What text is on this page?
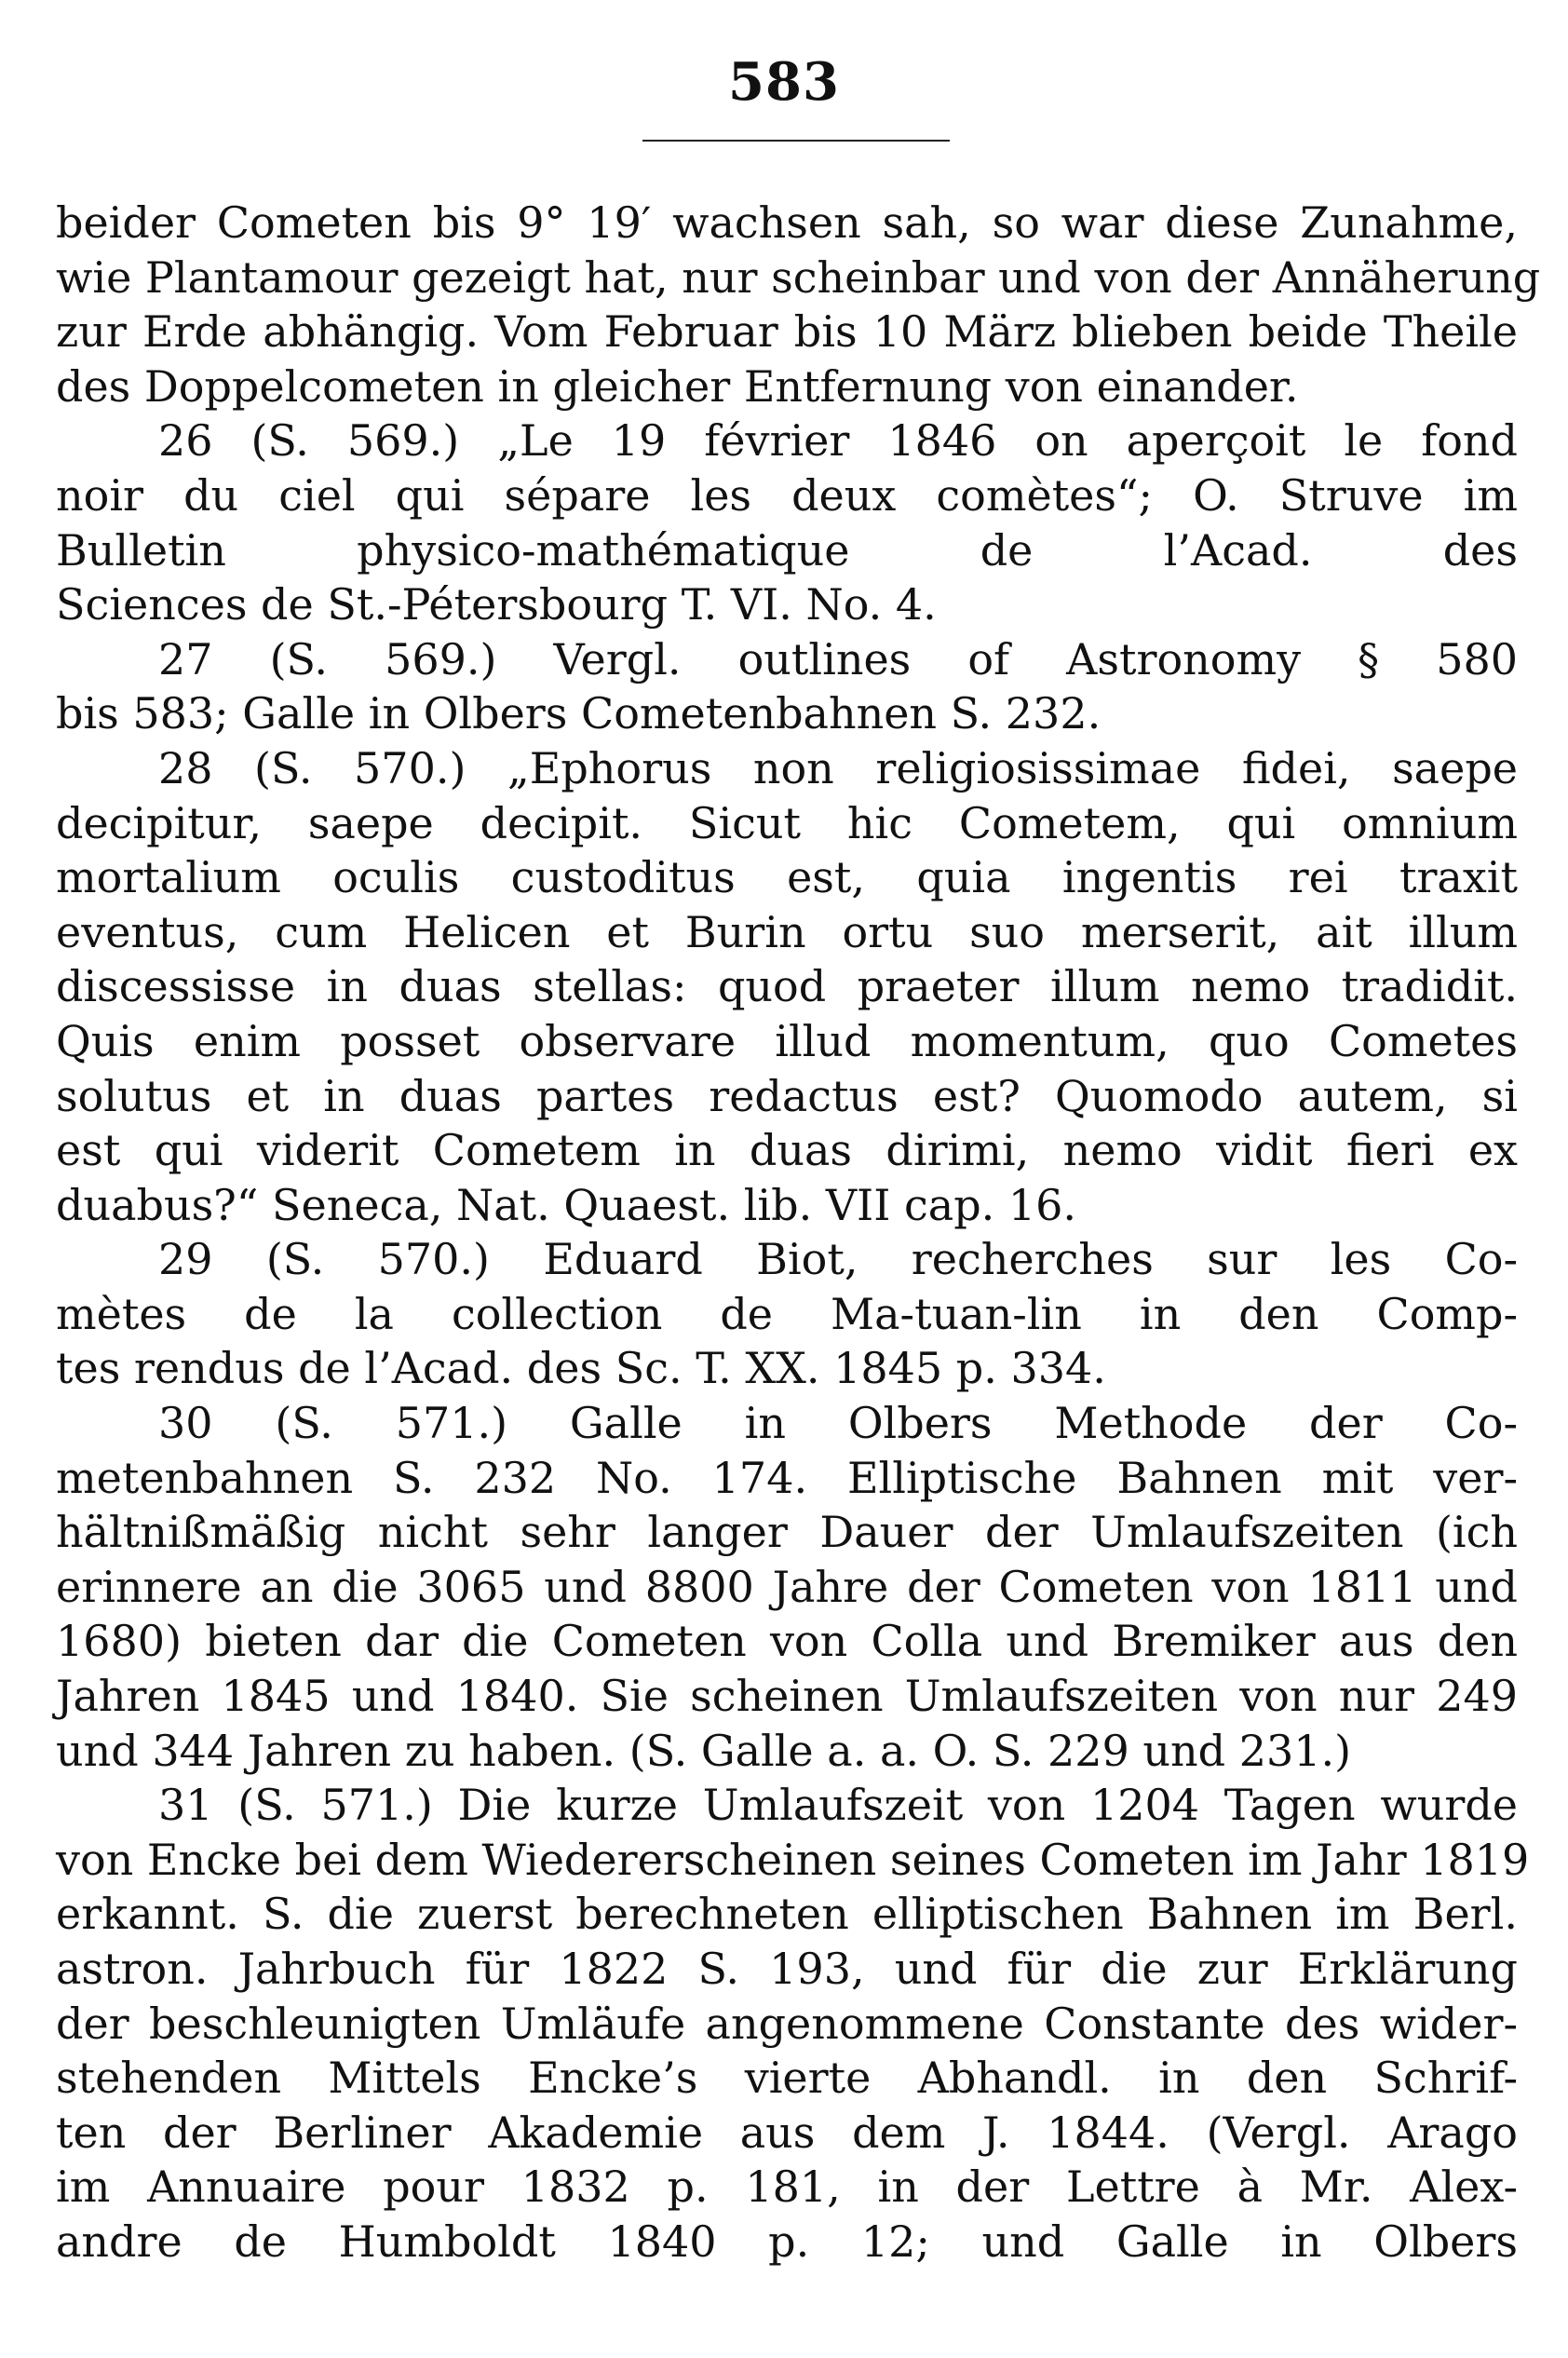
583
beider Cometen bis 9° 19′ wachsen sah, so war diese Zunahme,
wie Plantamour gezeigt hat, nur scheinbar und von der Annäherung
zur Erde abhängig. Vom Februar bis 10 März blieben beide Theile
des Doppelcometen in gleicher Entfernung von einander.
26 (S. 569.) „Le 19 février 1846 on aperçoit le fond
noir du ciel qui sépare les deux comètes“; O. Struve im
Bulletin physico-mathématique de l’Acad. des
Sciences de St.-Pétersbourg T. VI. No. 4.
27 (S. 569.) Vergl. outlines of Astronomy § 580
bis 583; Galle in Olbers Cometenbahnen S. 232.
28 (S. 570.) „Ephorus non religiosissimae fidei, saepe
decipitur, saepe decipit. Sicut hic Cometem, qui omnium
mortalium oculis custoditus est, quia ingentis rei traxit
eventus, cum Helicen et Burin ortu suo merserit, ait illum
discessisse in duas stellas: quod praeter illum nemo tradidit.
Quis enim posset observare illud momentum, quo Cometes
solutus et in duas partes redactus est? Quomodo autem, si
est qui viderit Cometem in duas dirimi, nemo vidit fieri ex
duabus?“ Seneca, Nat. Quaest. lib. VII cap. 16.
29 (S. 570.) Eduard Biot, recherches sur les Co-
mètes de la collection de Ma-tuan-lin in den Comp-
tes rendus de l’Acad. des Sc. T. XX. 1845 p. 334.
30 (S. 571.) Galle in Olbers Methode der Co-
metenbahnen S. 232 No. 174. Elliptische Bahnen mit ver-
hältnißmäßig nicht sehr langer Dauer der Umlaufszeiten (ich
erinnere an die 3065 und 8800 Jahre der Cometen von 1811 und
1680) bieten dar die Cometen von Colla und Bremiker aus den
Jahren 1845 und 1840. Sie scheinen Umlaufszeiten von nur 249
und 344 Jahren zu haben. (S. Galle a. a. O. S. 229 und 231.)
31 (S. 571.) Die kurze Umlaufszeit von 1204 Tagen wurde
von Encke bei dem Wiedererscheinen seines Cometen im Jahr 1819
erkannt. S. die zuerst berechneten elliptischen Bahnen im Berl.
astron. Jahrbuch für 1822 S. 193, und für die zur Erklärung
der beschleunigten Umläufe angenommene Constante des wider-
stehenden Mittels Encke’s vierte Abhandl. in den Schrif-
ten der Berliner Akademie aus dem J. 1844. (Vergl. Arago
im Annuaire pour 1832 p. 181, in der Lettre à Mr. Alex-
andre de Humboldt 1840 p. 12; und Galle in Olbers
